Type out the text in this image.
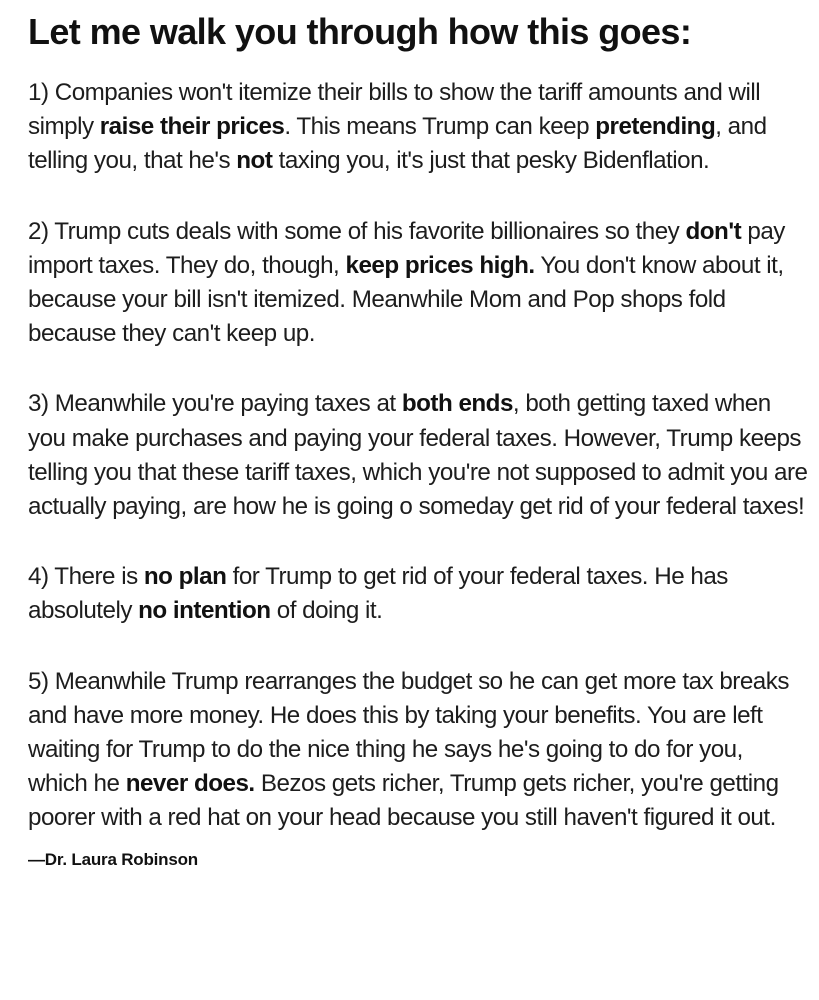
Let me walk you through how this goes:

1) Companies won't itemize their bills to show the tariff amounts and will simply raise their prices. This means Trump can keep pretending, and telling you, that he's not taxing you, it's just that pesky Bidenflation.

2) Trump cuts deals with some of his favorite billionaires so they don't pay import taxes. They do, though, keep prices high. You don't know about it, because your bill isn't itemized. Meanwhile Mom and Pop shops fold because they can't keep up.

3) Meanwhile you're paying taxes at both ends, both getting taxed when you make purchases and paying your federal taxes. However, Trump keeps telling you that these tariff taxes, which you're not supposed to admit you are actually paying, are how he is going o someday get rid of your federal taxes!

4) There is no plan for Trump to get rid of your federal taxes. He has absolutely no intention of doing it.

5) Meanwhile Trump rearranges the budget so he can get more tax breaks and have more money. He does this by taking your benefits. You are left waiting for Trump to do the nice thing he says he's going to do for you, which he never does. Bezos gets richer, Trump gets richer, you're getting poorer with a red hat on your head because you still haven't figured it out.

—Dr. Laura Robinson
